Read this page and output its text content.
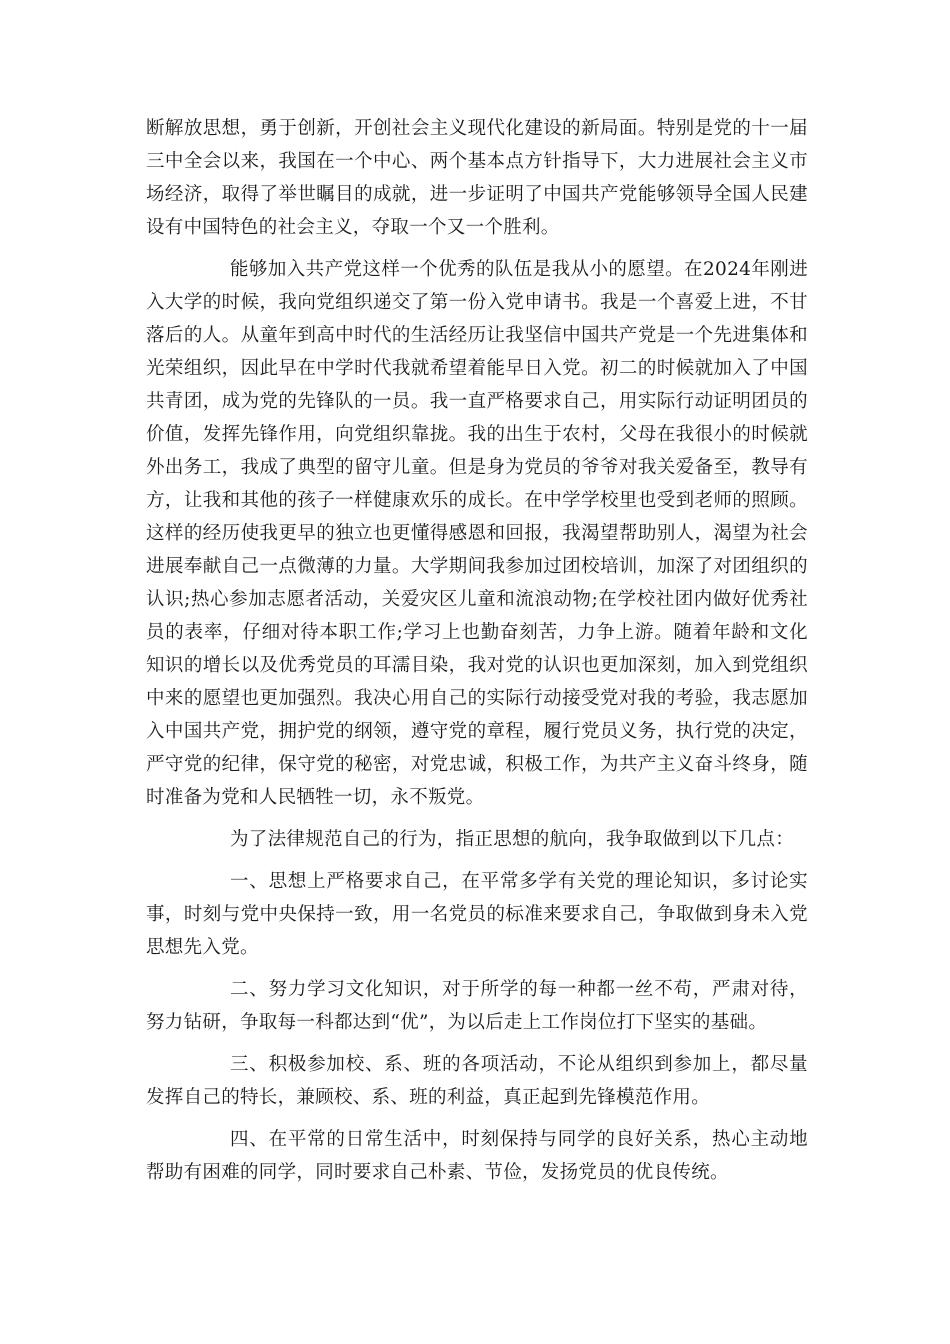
断解放思想，勇于创新，开创社会主义现代化建设的新局面。特别是党的十一届三中全会以来，我国在一个中心、两个基本点方针指导下，大力进展社会主义市场经济，取得了举世瞩目的成就，进一步证明了中国共产党能够领导全国人民建设有中国特色的社会主义，夺取一个又一个胜利。

能够加入共产党这样一个优秀的队伍是我从小的愿望。在2024年刚进入大学的时候，我向党组织递交了第一份入党申请书。我是一个喜爱上进，不甘落后的人。从童年到高中时代的生活经历让我坚信中国共产党是一个先进集体和光荣组织，因此早在中学时代我就希望着能早日入党。初二的时候就加入了中国共青团，成为党的先锋队的一员。我一直严格要求自己，用实际行动证明团员的价值，发挥先锋作用，向党组织靠拢。我的出生于农村，父母在我很小的时候就外出务工，我成了典型的留守儿童。但是身为党员的爷爷对我关爱备至，教导有方，让我和其他的孩子一样健康欢乐的成长。在中学学校里也受到老师的照顾。这样的经历使我更早的独立也更懂得感恩和回报，我渴望帮助别人，渴望为社会进展奉献自己一点微薄的力量。大学期间我参加过团校培训，加深了对团组织的认识;热心参加志愿者活动，关爱灾区儿童和流浪动物;在学校社团内做好优秀社员的表率，仔细对待本职工作;学习上也勤奋刻苦，力争上游。随着年龄和文化知识的增长以及优秀党员的耳濡目染，我对党的认识也更加深刻，加入到党组织中来的愿望也更加强烈。我决心用自己的实际行动接受党对我的考验，我志愿加入中国共产党，拥护党的纲领，遵守党的章程，履行党员义务，执行党的决定，严守党的纪律，保守党的秘密，对党忠诚，积极工作，为共产主义奋斗终身，随时准备为党和人民牺牲一切，永不叛党。

为了法律规范自己的行为，指正思想的航向，我争取做到以下几点：

一、思想上严格要求自己，在平常多学有关党的理论知识，多讨论实事，时刻与党中央保持一致，用一名党员的标准来要求自己，争取做到身未入党思想先入党。

二、努力学习文化知识，对于所学的每一种都一丝不苟，严肃对待，努力钻研，争取每一科都达到“优”，为以后走上工作岗位打下坚实的基础。

三、积极参加校、系、班的各项活动，不论从组织到参加上，都尽量发挥自己的特长，兼顾校、系、班的利益，真正起到先锋模范作用。

四、在平常的日常生活中，时刻保持与同学的良好关系，热心主动地帮助有困难的同学，同时要求自己朴素、节俭，发扬党员的优良传统。
